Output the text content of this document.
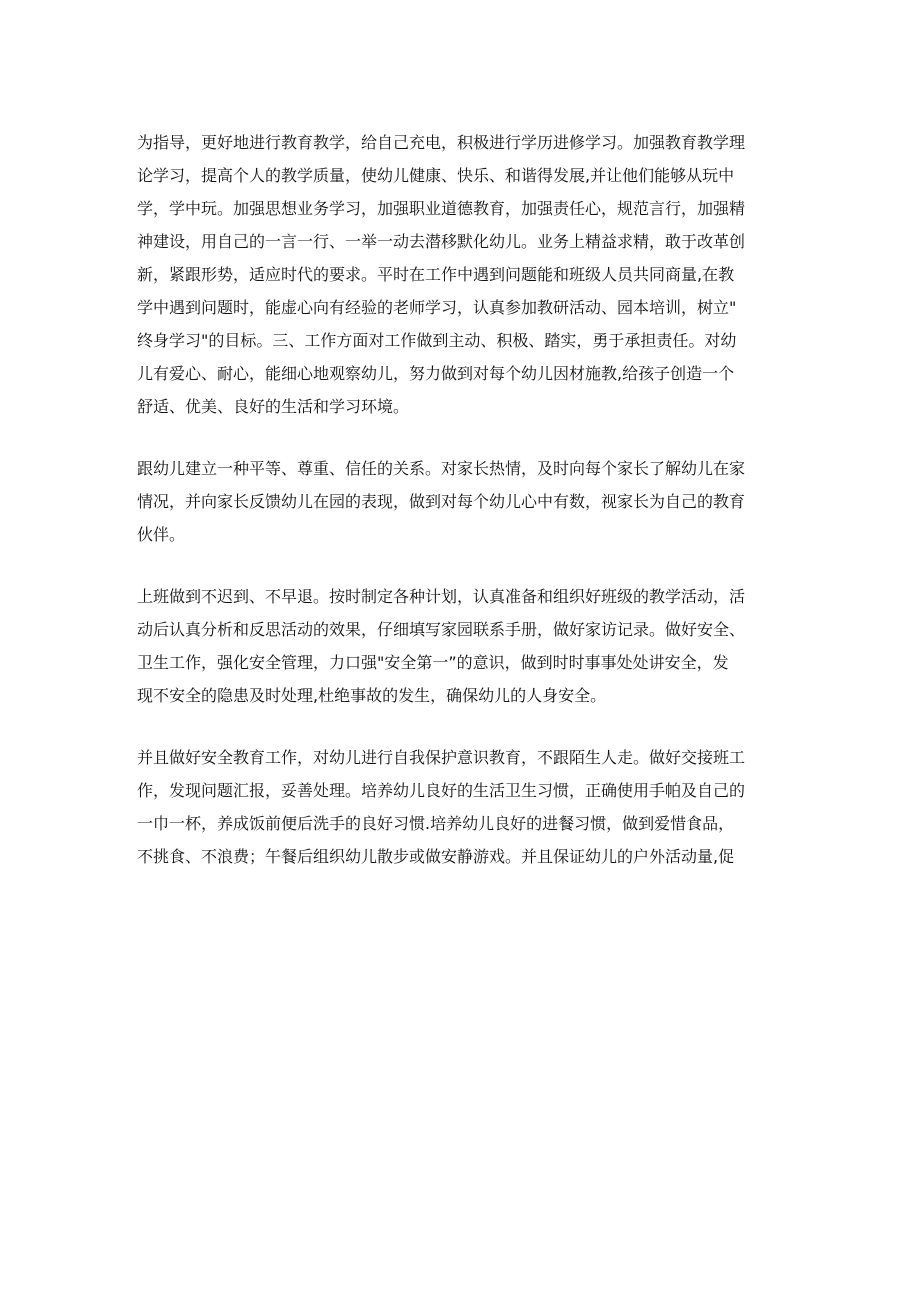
为指导，更好地进行教育教学，给自己充电，积极进行学历进修学习。加强教育教学理
论学习，提高个人的教学质量，使幼儿健康、快乐、和谐得发展,并让他们能够从玩中
学，学中玩。加强思想业务学习，加强职业道德教育，加强责任心，规范言行，加强精
神建设，用自己的一言一行、一举一动去潜移默化幼儿。业务上精益求精，敢于改革创
新，紧跟形势，适应时代的要求。平时在工作中遇到问题能和班级人员共同商量,在教
学中遇到问题时，能虚心向有经验的老师学习，认真参加教研活动、园本培训，树立"
终身学习"的目标。三、工作方面对工作做到主动、积极、踏实，勇于承担责任。对幼
儿有爱心、耐心，能细心地观察幼儿，努力做到对每个幼儿因材施教,给孩子创造一个
舒适、优美、良好的生活和学习环境。

跟幼儿建立一种平等、尊重、信任的关系。对家长热情，及时向每个家长了解幼儿在家
情况，并向家长反馈幼儿在园的表现，做到对每个幼儿心中有数，视家长为自己的教育
伙伴。

上班做到不迟到、不早退。按时制定各种计划，认真准备和组织好班级的教学活动，活
动后认真分析和反思活动的效果，仔细填写家园联系手册，做好家访记录。做好安全、
卫生工作，强化安全管理，力口强"安全第一”的意识，做到时时事事处处讲安全，发
现不安全的隐患及时处理,杜绝事故的发生，确保幼儿的人身安全。

并且做好安全教育工作，对幼儿进行自我保护意识教育，不跟陌生人走。做好交接班工
作，发现问题汇报，妥善处理。培养幼儿良好的生活卫生习惯，正确使用手帕及自己的
一巾一杯，养成饭前便后洗手的良好习惯.培养幼儿良好的进餐习惯，做到爱惜食品，
不挑食、不浪费；午餐后组织幼儿散步或做安静游戏。并且保证幼儿的户外活动量,促
